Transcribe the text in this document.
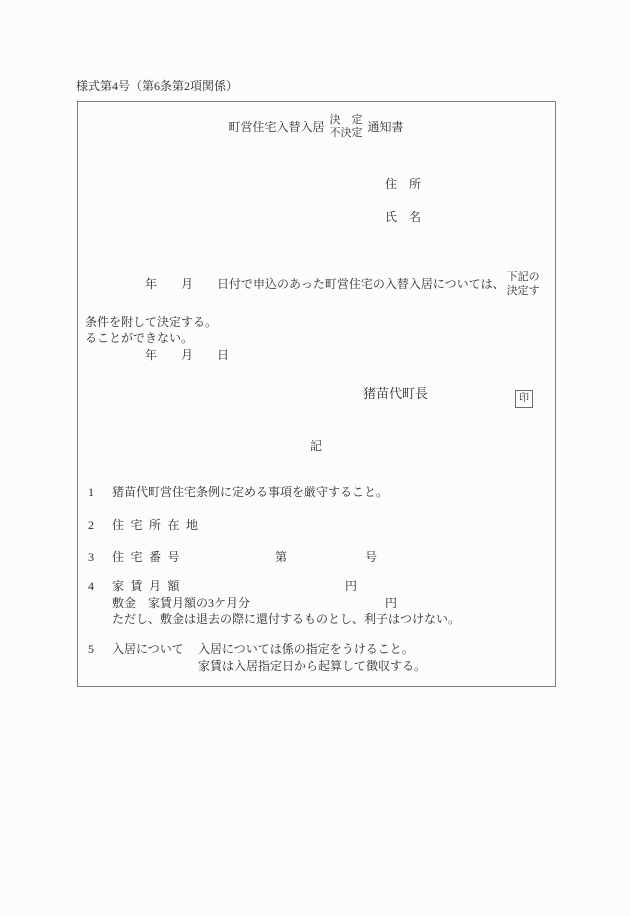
様式第4号（第6条第2項関係）
町営住宅入替入居 決　定
不決定 通知書
住　所
氏　名
年　　月　　日付で申込のあった町営住宅の入替入居については、 下記の
決定す
条件を附して決定する。
ることができない。
年　　月　　日
猪苗代町長	印
記
1 猪苗代町営住宅条例に定める事項を厳守すること。
2 住宅所在地
3 住宅番号	第	号
4 家賃月額	円
敷金　家賃月額の3ケ月分	円
ただし、敷金は退去の際に還付するものとし、利子はつけない。
5 入居について 入居については係の指定をうけること。
家賃は入居指定日から起算して徴収する。
